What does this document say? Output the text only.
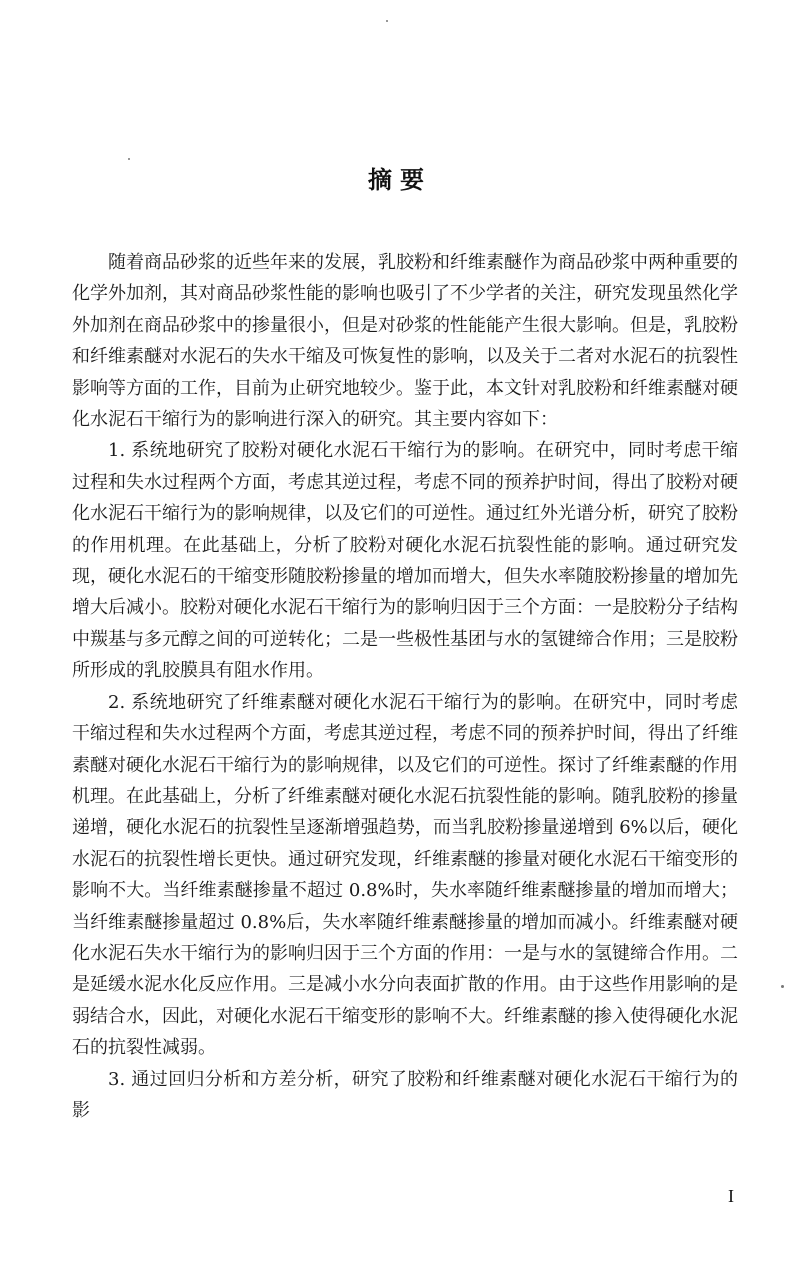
摘要

随着商品砂浆的近些年来的发展，乳胶粉和纤维素醚作为商品砂浆中两种重要的化学外加剂，其对商品砂浆性能的影响也吸引了不少学者的关注，研究发现虽然化学外加剂在商品砂浆中的掺量很小，但是对砂浆的性能能产生很大影响。但是，乳胶粉和纤维素醚对水泥石的失水干缩及可恢复性的影响，以及关于二者对水泥石的抗裂性影响等方面的工作，目前为止研究地较少。鉴于此，本文针对乳胶粉和纤维素醚对硬化水泥石干缩行为的影响进行深入的研究。其主要内容如下：

1. 系统地研究了胶粉对硬化水泥石干缩行为的影响。在研究中，同时考虑干缩过程和失水过程两个方面，考虑其逆过程，考虑不同的预养护时间，得出了胶粉对硬化水泥石干缩行为的影响规律，以及它们的可逆性。通过红外光谱分析，研究了胶粉的作用机理。在此基础上，分析了胶粉对硬化水泥石抗裂性能的影响。通过研究发现，硬化水泥石的干缩变形随胶粉掺量的增加而增大，但失水率随胶粉掺量的增加先增大后减小。胶粉对硬化水泥石干缩行为的影响归因于三个方面：一是胶粉分子结构中羰基与多元醇之间的可逆转化；二是一些极性基团与水的氢键缔合作用；三是胶粉所形成的乳胶膜具有阻水作用。

2. 系统地研究了纤维素醚对硬化水泥石干缩行为的影响。在研究中，同时考虑干缩过程和失水过程两个方面，考虑其逆过程，考虑不同的预养护时间，得出了纤维素醚对硬化水泥石干缩行为的影响规律，以及它们的可逆性。探讨了纤维素醚的作用机理。在此基础上，分析了纤维素醚对硬化水泥石抗裂性能的影响。随乳胶粉的掺量递增，硬化水泥石的抗裂性呈逐渐增强趋势，而当乳胶粉掺量递增到 6%以后，硬化水泥石的抗裂性增长更快。通过研究发现，纤维素醚的掺量对硬化水泥石干缩变形的影响不大。当纤维素醚掺量不超过 0.8%时，失水率随纤维素醚掺量的增加而增大；当纤维素醚掺量超过 0.8%后，失水率随纤维素醚掺量的增加而减小。纤维素醚对硬化水泥石失水干缩行为的影响归因于三个方面的作用：一是与水的氢键缔合作用。二是延缓水泥水化反应作用。三是减小水分向表面扩散的作用。由于这些作用影响的是弱结合水，因此，对硬化水泥石干缩变形的影响不大。纤维素醚的掺入使得硬化水泥石的抗裂性减弱。

3. 通过回归分析和方差分析，研究了胶粉和纤维素醚对硬化水泥石干缩行为的影

I
